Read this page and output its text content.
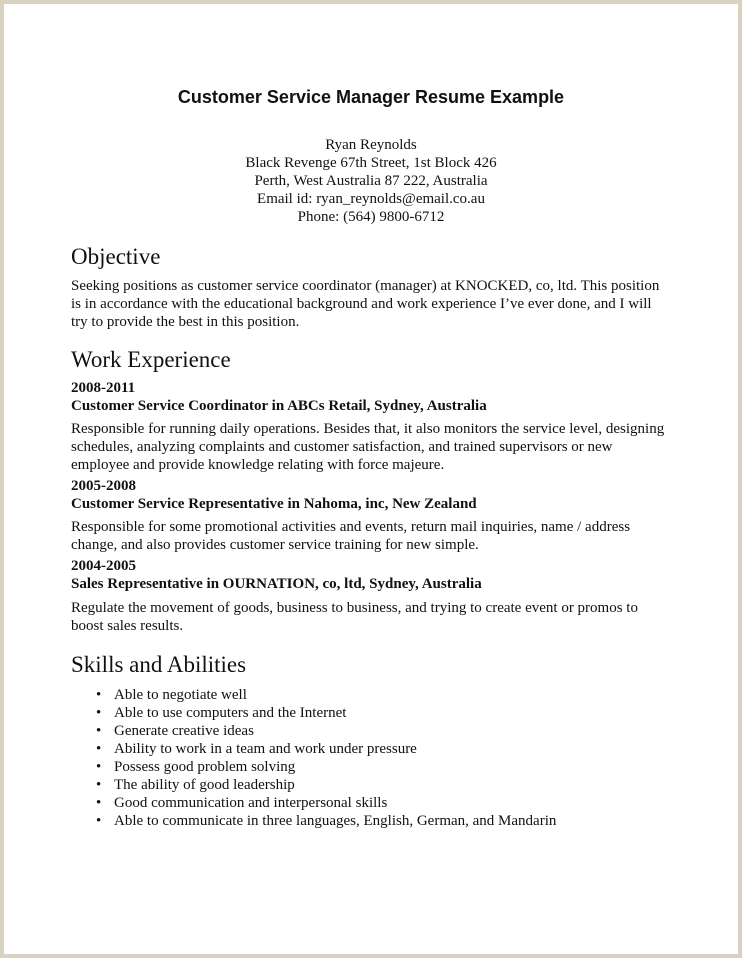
Customer Service Manager Resume Example
Ryan Reynolds
Black Revenge 67th Street, 1st Block 426
Perth, West Australia 87 222, Australia
Email id: ryan_reynolds@email.co.au
Phone: (564) 9800-6712
Objective

Seeking positions as customer service coordinator (manager) at KNOCKED, co, ltd. This position is in accordance with the educational background and work experience I’ve ever done, and I will try to provide the best in this position.

Work Experience
2008-2011
Customer Service Coordinator in ABCs Retail, Sydney, Australia

Responsible for running daily operations. Besides that, it also monitors the service level, designing schedules, analyzing complaints and customer satisfaction, and trained supervisors or new employee and provide knowledge relating with force majeure.

2005-2008
Customer Service Representative in Nahoma, inc, New Zealand

Responsible for some promotional activities and events, return mail inquiries, name / address change, and also provides customer service training for new simple.

2004-2005
Sales Representative in OURNATION, co, ltd, Sydney, Australia

Regulate the movement of goods, business to business, and trying to create event or promos to boost sales results.

Skills and Abilities
• Able to negotiate well
• Able to use computers and the Internet
• Generate creative ideas
• Ability to work in a team and work under pressure
• Possess good problem solving
• The ability of good leadership
• Good communication and interpersonal skills
• Able to communicate in three languages, English, German, and Mandarin
